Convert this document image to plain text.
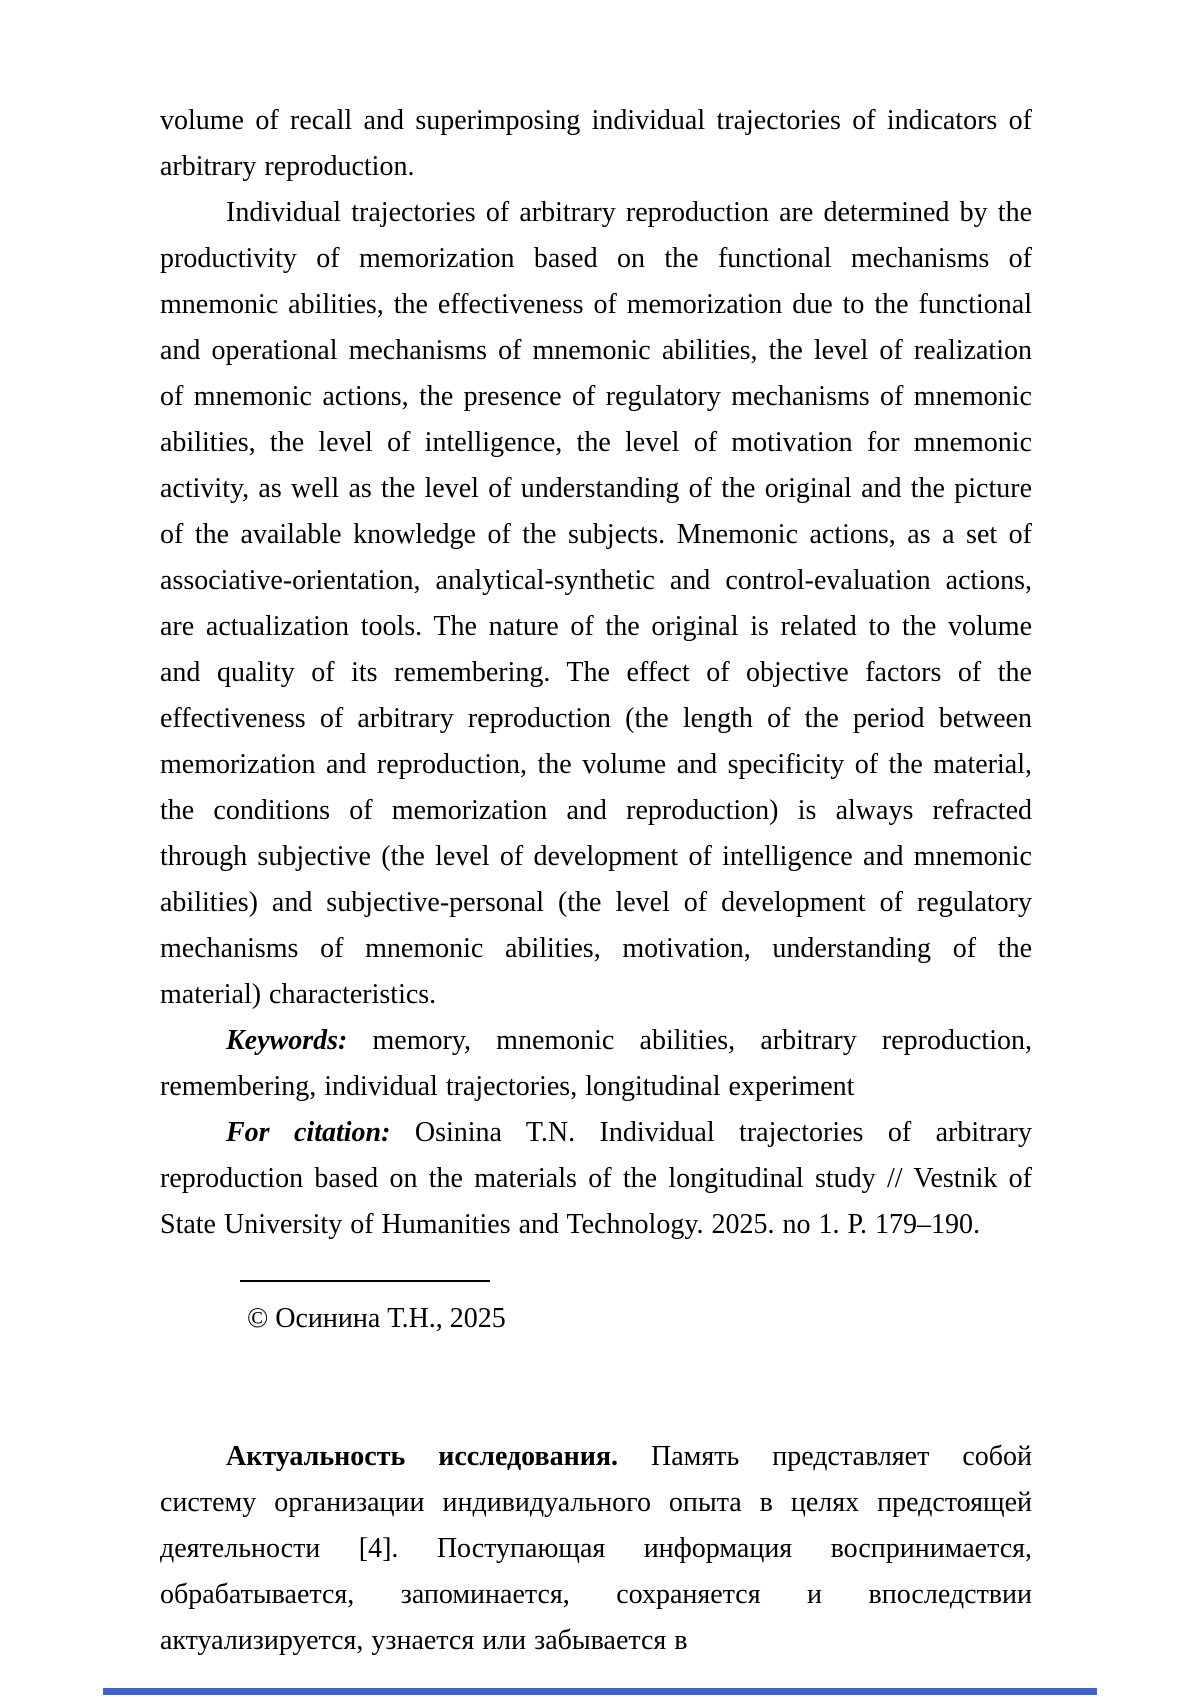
volume of recall and superimposing individual trajectories of indicators of arbitrary reproduction.

Individual trajectories of arbitrary reproduction are determined by the productivity of memorization based on the functional mechanisms of mnemonic abilities, the effectiveness of memorization due to the functional and operational mechanisms of mnemonic abilities, the level of realization of mnemonic actions, the presence of regulatory mechanisms of mnemonic abilities, the level of intelligence, the level of motivation for mnemonic activity, as well as the level of understanding of the original and the picture of the available knowledge of the subjects. Mnemonic actions, as a set of associative-orientation, analytical-synthetic and control-evaluation actions, are actualization tools. The nature of the original is related to the volume and quality of its remembering. The effect of objective factors of the effectiveness of arbitrary reproduction (the length of the period between memorization and reproduction, the volume and specificity of the material, the conditions of memorization and reproduction) is always refracted through subjective (the level of development of intelligence and mnemonic abilities) and subjective-personal (the level of development of regulatory mechanisms of mnemonic abilities, motivation, understanding of the material) characteristics.

Keywords: memory, mnemonic abilities, arbitrary reproduction, remembering, individual trajectories, longitudinal experiment

For citation: Osinina T.N. Individual trajectories of arbitrary reproduction based on the materials of the longitudinal study // Vestnik of State University of Humanities and Technology. 2025. no 1. P. 179–190.

© Осинина Т.Н., 2025

Актуальность исследования. Память представляет собой систему организации индивидуального опыта в целях предстоящей деятельности [4]. Поступающая информация воспринимается, обрабатывается, запоминается, сохраняется и впоследствии актуализируется, узнается или забывается в
